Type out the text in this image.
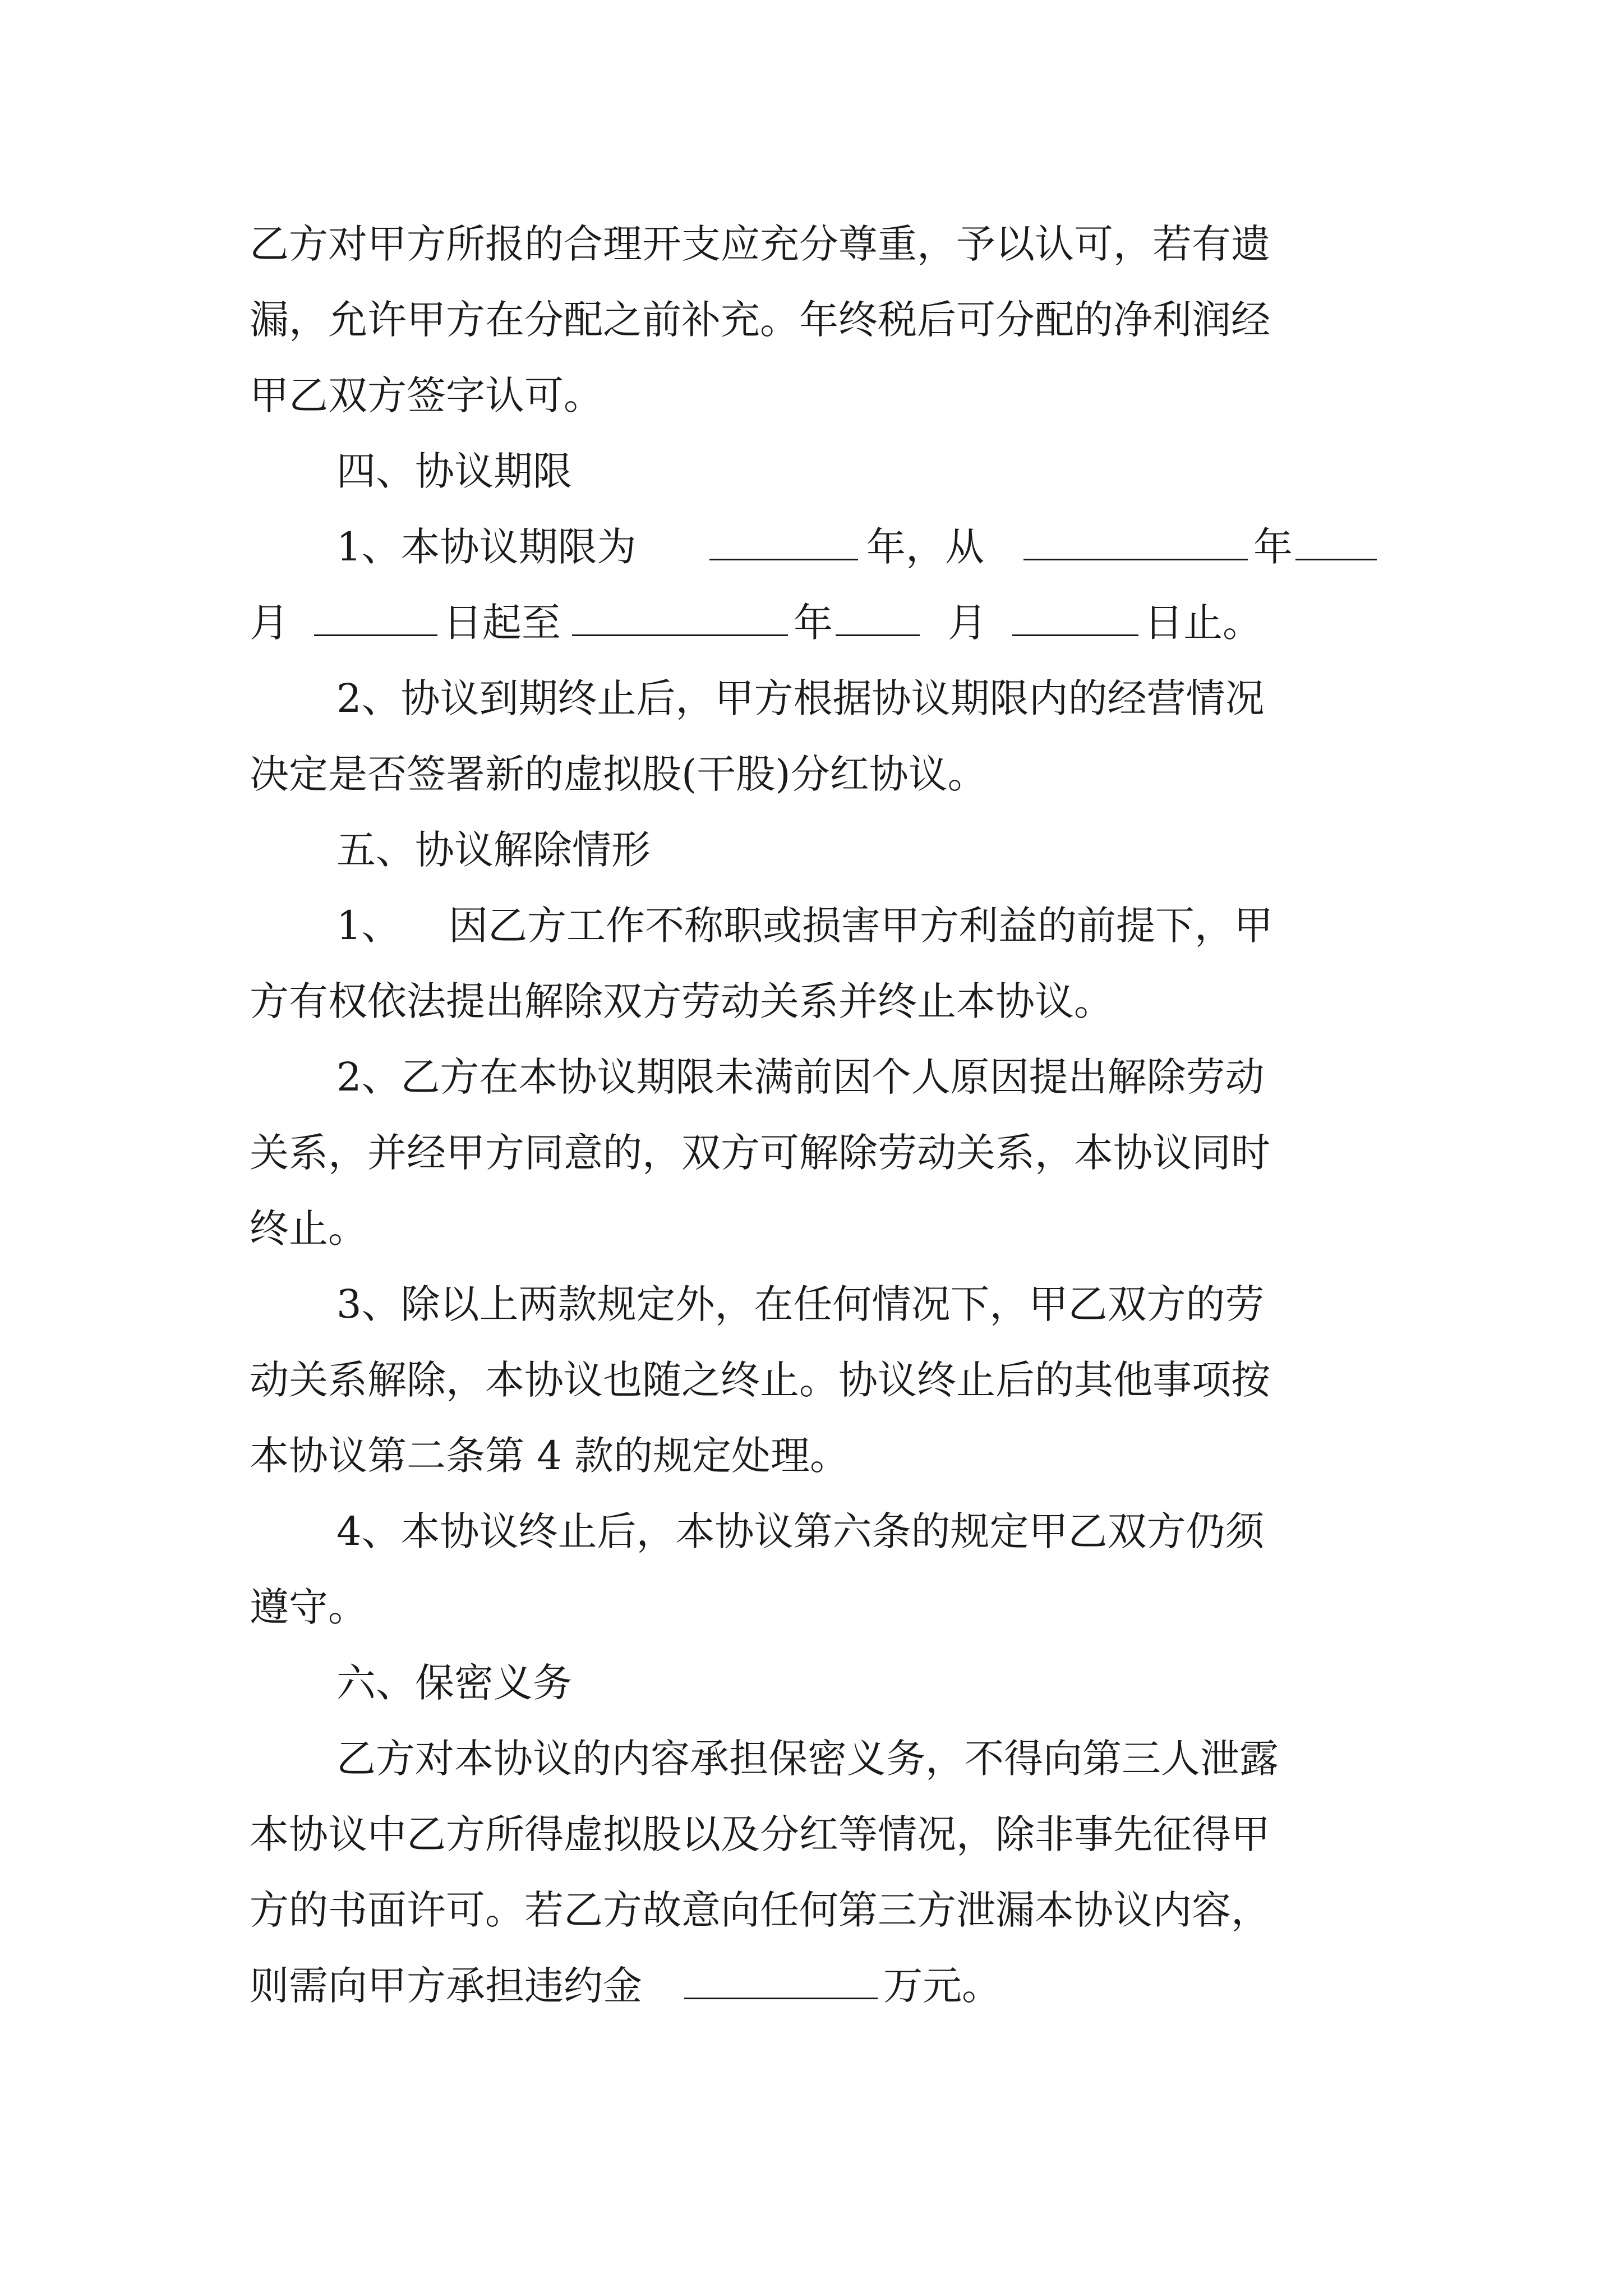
乙方对甲方所报的合理开支应充分尊重，予以认可，若有遗

漏，允许甲方在分配之前补充。年终税后可分配的净利润经

甲乙双方签字认可。

四、协议期限

1、本协议期限为

	年，从

	年

月

	日起至

	年

	月

	日止。

2、协议到期终止后，甲方根据协议期限内的经营情况

决定是否签署新的虚拟股(干股)分红协议。

五、协议解除情形

1、

因乙方工作不称职或损害甲方利益的前提下，甲

方有权依法提出解除双方劳动关系并终止本协议。

2、乙方在本协议期限未满前因个人原因提出解除劳动

关系，并经甲方同意的，双方可解除劳动关系，本协议同时

终止。

3、除以上两款规定外，在任何情况下，甲乙双方的劳

动关系解除，本协议也随之终止。协议终止后的其他事项按

本协议第二条第 4 款的规定处理。

4、本协议终止后，本协议第六条的规定甲乙双方仍须

遵守。

六、保密义务

乙方对本协议的内容承担保密义务，不得向第三人泄露

本协议中乙方所得虚拟股以及分红等情况，除非事先征得甲

方的书面许可。若乙方故意向任何第三方泄漏本协议内容，

则需向甲方承担违约金

	万元。
